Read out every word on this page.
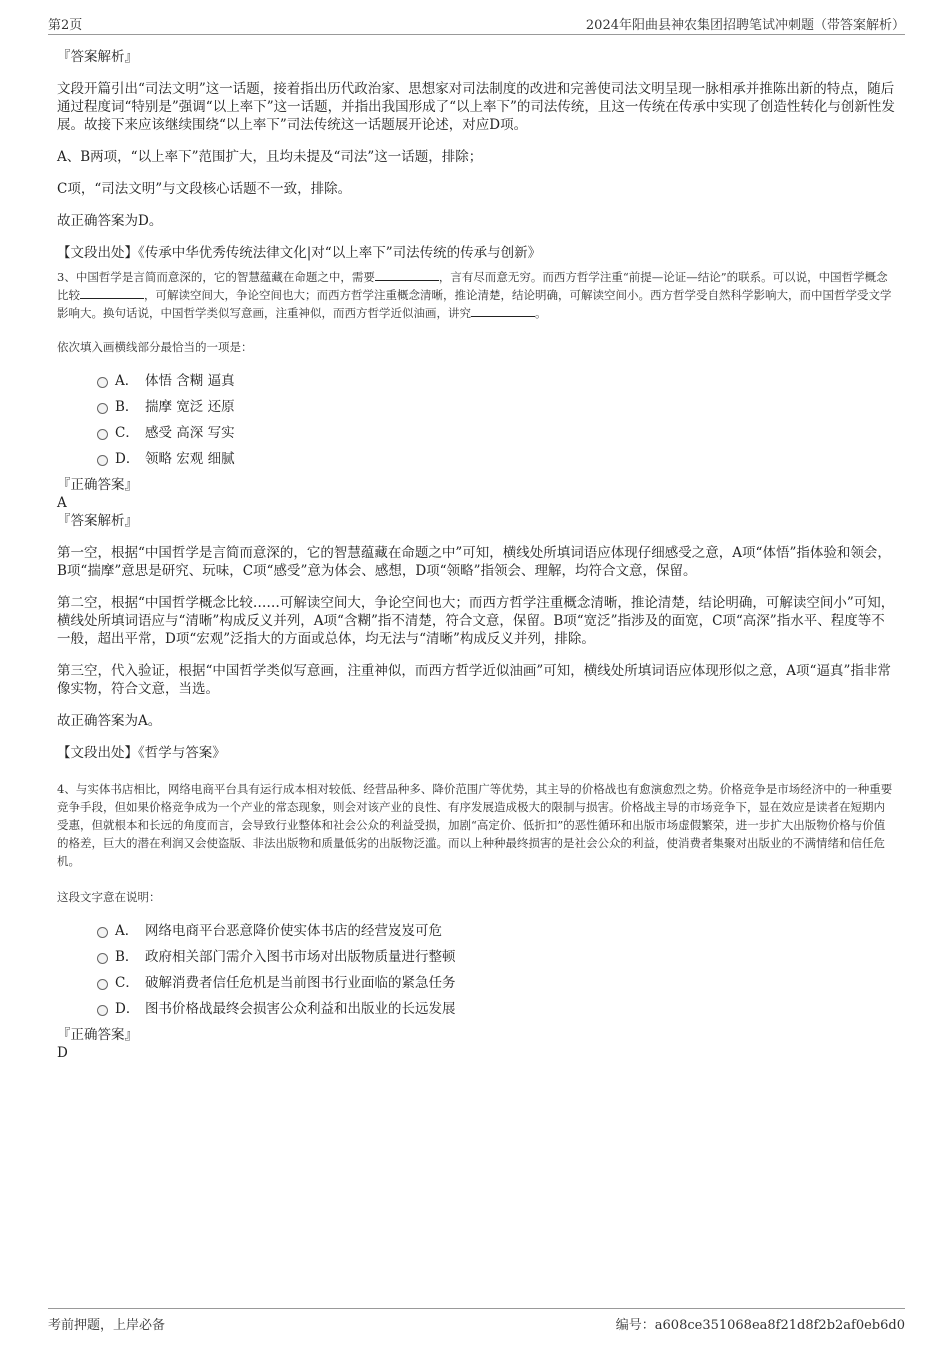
第2页	2024年阳曲县神农集团招聘笔试冲刺题（带答案解析）

『答案解析』

文段开篇引出“司法文明”这一话题，接着指出历代政治家、思想家对司法制度的改进和完善使司法文明呈现一脉相承并推陈出新的特点，随后通过程度词“特别是”强调“以上率下”这一话题，并指出我国形成了“以上率下”的司法传统，且这一传统在传承中实现了创造性转化与创新性发展。故接下来应该继续围绕“以上率下”司法传统这一话题展开论述，对应D项。

A、B两项，“以上率下”范围扩大，且均未提及“司法”这一话题，排除；

C项，“司法文明”与文段核心话题不一致，排除。

故正确答案为D。

【文段出处】《传承中华优秀传统法律文化|对“以上率下”司法传统的传承与创新》

3、中国哲学是言简而意深的，它的智慧蕴藏在命题之中，需要	，言有尽而意无穷。而西方哲学注重“前提—论证—结论”的联系。可以说，中国哲学概念比较	，可解读空间大，争论空间也大；而西方哲学注重概念清晰，推论清楚，结论明确，可解读空间小。西方哲学受自然科学影响大，而中国哲学受文学影响大。换句话说，中国哲学类似写意画，注重神似，而西方哲学近似油画，讲究	。

依次填入画横线部分最恰当的一项是：

A． 体悟 含糊 逼真
B． 揣摩 宽泛 还原
C． 感受 高深 写实
D． 领略 宏观 细腻

『正确答案』

A

『答案解析』

第一空，根据“中国哲学是言简而意深的，它的智慧蕴藏在命题之中”可知，横线处所填词语应体现仔细感受之意，A项“体悟”指体验和领会，B项“揣摩”意思是研究、玩味，C项“感受”意为体会、感想，D项“领略”指领会、理解，均符合文意，保留。

第二空，根据“中国哲学概念比较……可解读空间大，争论空间也大；而西方哲学注重概念清晰，推论清楚，结论明确，可解读空间小”可知，横线处所填词语应与“清晰”构成反义并列，A项“含糊”指不清楚，符合文意，保留。B项“宽泛”指涉及的面宽，C项“高深”指水平、程度等不一般，超出平常，D项“宏观”泛指大的方面或总体，均无法与“清晰”构成反义并列，排除。

第三空，代入验证，根据“中国哲学类似写意画，注重神似，而西方哲学近似油画”可知，横线处所填词语应体现形似之意，A项“逼真”指非常像实物，符合文意，当选。

故正确答案为A。

【文段出处】《哲学与答案》

4、与实体书店相比，网络电商平台具有运行成本相对较低、经营品种多、降价范围广等优势，其主导的价格战也有愈演愈烈之势。价格竞争是市场经济中的一种重要竞争手段，但如果价格竞争成为一个产业的常态现象，则会对该产业的良性、有序发展造成极大的限制与损害。价格战主导的市场竞争下，显在效应是读者在短期内受惠，但就根本和长远的角度而言，会导致行业整体和社会公众的利益受损，加剧“高定价、低折扣”的恶性循环和出版市场虚假繁荣，进一步扩大出版物价格与价值的格差，巨大的潜在利润又会使盗版、非法出版物和质量低劣的出版物泛滥。而以上种种最终损害的是社会公众的利益，使消费者集聚对出版业的不满情绪和信任危机。

这段文字意在说明：

A． 网络电商平台恶意降价使实体书店的经营岌岌可危
B． 政府相关部门需介入图书市场对出版物质量进行整顿
C． 破解消费者信任危机是当前图书行业面临的紧急任务
D． 图书价格战最终会损害公众利益和出版业的长远发展

『正确答案』

D

考前押题，上岸必备	编号：a608ce351068ea8f21d8f2b2af0eb6d0
